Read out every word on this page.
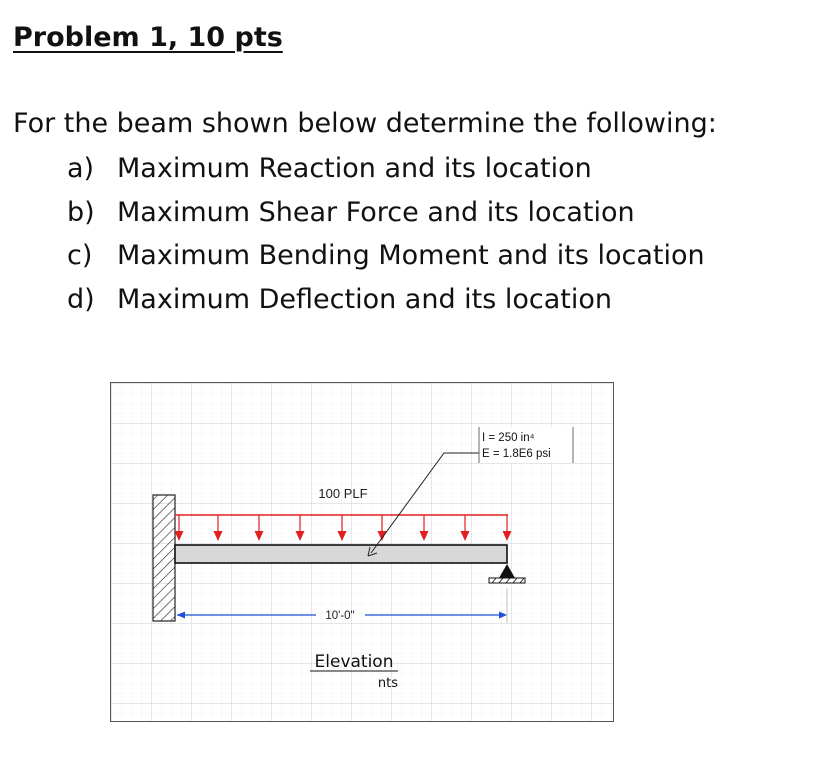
Problem 1, 10 pts
For the beam shown below determine the following:
a) Maximum Reaction and its location
b) Maximum Shear Force and its location
c) Maximum Bending Moment and its location
d) Maximum Deflection and its location
100 PLF
I = 250 in⁴
E = 1.8E6 psi
10'-0"
Elevation
nts
